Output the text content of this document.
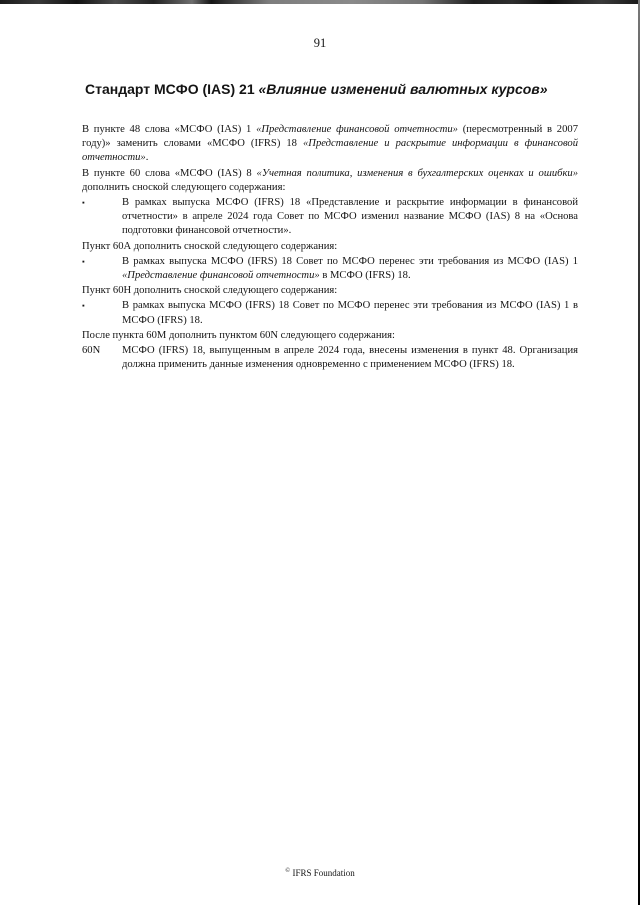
91
Стандарт МСФО (IAS) 21 «Влияние изменений валютных курсов»

В пункте 48 слова «МСФО (IAS) 1 «Представление финансовой отчетности» (пересмотренный в 2007 году)» заменить словами «МСФО (IFRS) 18 «Представление и раскрытие информации в финансовой отчетности».

В пункте 60 слова «МСФО (IAS) 8 «Учетная политика, изменения в бухгалтерских оценках и ошибки» дополнить сноской следующего содержания:

▪	В рамках выпуска МСФО (IFRS) 18 «Представление и раскрытие информации в финансовой отчетности» в апреле 2024 года Совет по МСФО изменил название МСФО (IAS) 8 на «Основа подготовки финансовой отчетности».

Пункт 60А дополнить сноской следующего содержания:

▪	В рамках выпуска МСФО (IFRS) 18 Совет по МСФО перенес эти требования из МСФО (IAS) 1 «Представление финансовой отчетности» в МСФО (IFRS) 18.

Пункт 60Н дополнить сноской следующего содержания:

▪	В рамках выпуска МСФО (IFRS) 18 Совет по МСФО перенес эти требования из МСФО (IAS) 1 в МСФО (IFRS) 18.

После пункта 60М дополнить пунктом 60N следующего содержания:

60N МСФО (IFRS) 18, выпущенным в апреле 2024 года, внесены изменения в пункт 48. Организация должна применить данные изменения одновременно с применением МСФО (IFRS) 18.

© IFRS Foundation
